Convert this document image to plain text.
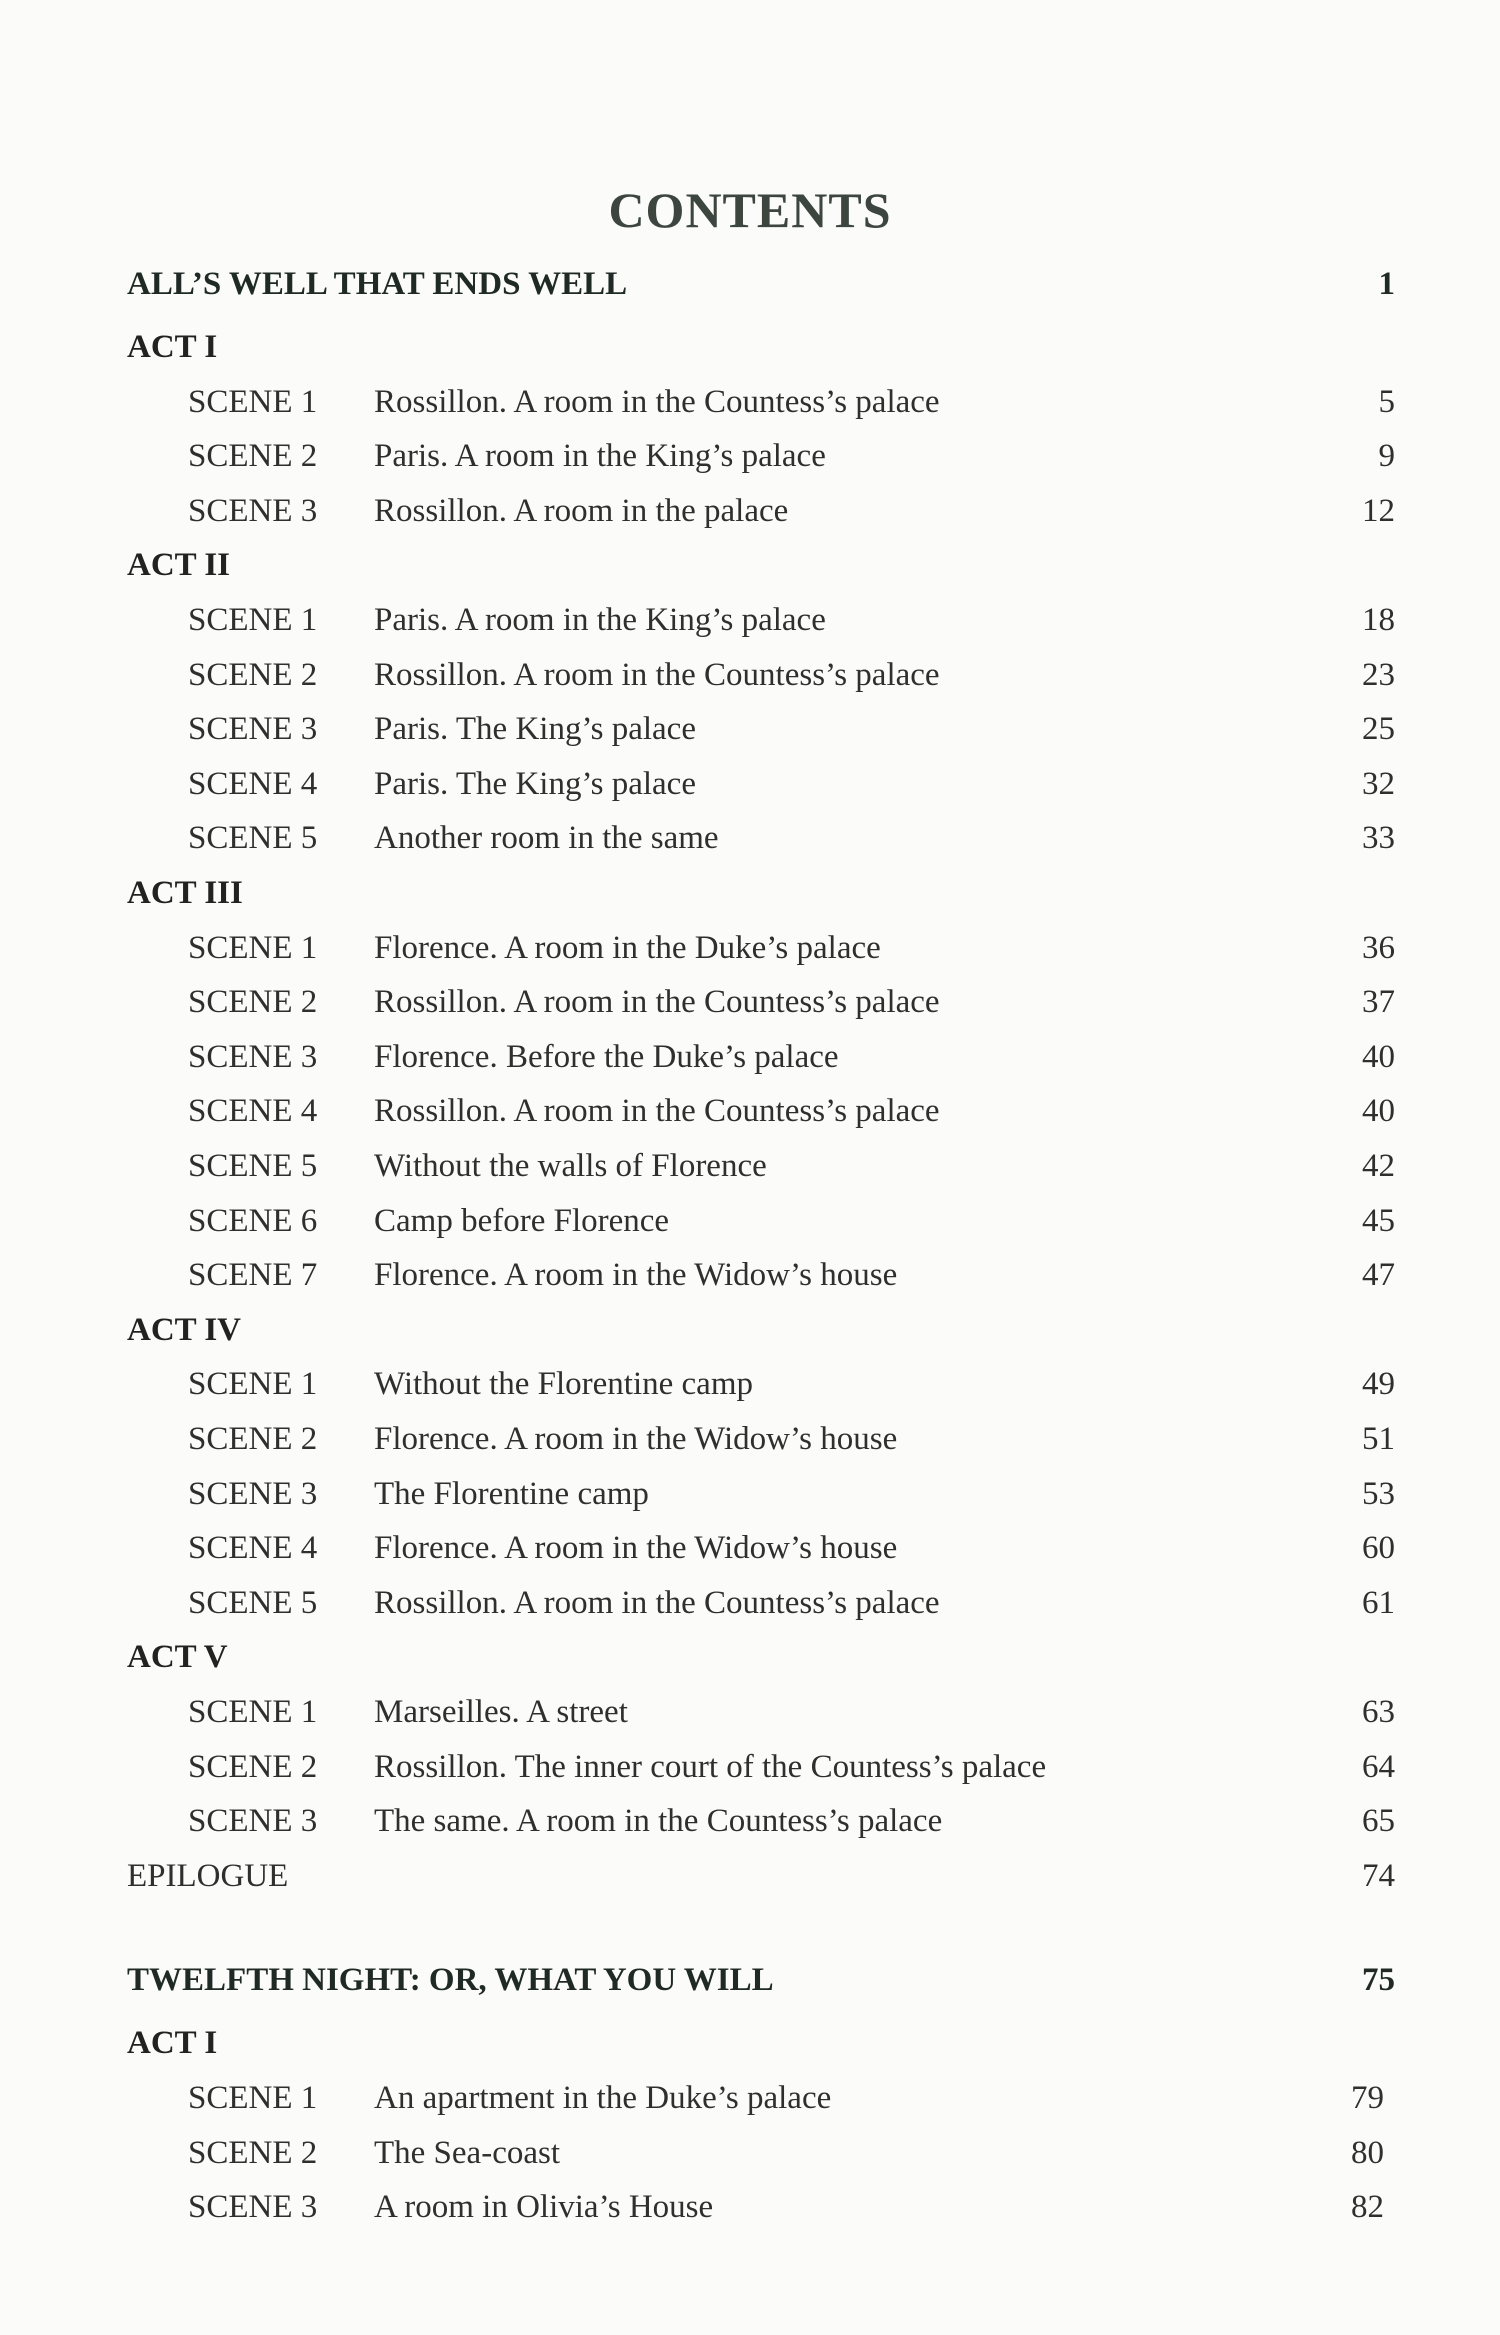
CONTENTS
ALL’S WELL THAT ENDS WELL	1
ACT I
SCENE 1 Rossillon. A room in the Countess’s palace	5
SCENE 2 Paris. A room in the King’s palace	9
SCENE 3 Rossillon. A room in the palace	12
ACT II
SCENE 1 Paris. A room in the King’s palace	18
SCENE 2 Rossillon. A room in the Countess’s palace	23
SCENE 3 Paris. The King’s palace	25
SCENE 4 Paris. The King’s palace	32
SCENE 5 Another room in the same	33
ACT III
SCENE 1 Florence. A room in the Duke’s palace	36
SCENE 2 Rossillon. A room in the Countess’s palace	37
SCENE 3 Florence. Before the Duke’s palace	40
SCENE 4 Rossillon. A room in the Countess’s palace	40
SCENE 5 Without the walls of Florence	42
SCENE 6 Camp before Florence	45
SCENE 7 Florence. A room in the Widow’s house	47
ACT IV
SCENE 1 Without the Florentine camp	49
SCENE 2 Florence. A room in the Widow’s house	51
SCENE 3 The Florentine camp	53
SCENE 4 Florence. A room in the Widow’s house	60
SCENE 5 Rossillon. A room in the Countess’s palace	61
ACT V
SCENE 1 Marseilles. A street	63
SCENE 2 Rossillon. The inner court of the Countess’s palace	64
SCENE 3 The same. A room in the Countess’s palace	65
EPILOGUE	74
TWELFTH NIGHT: OR, WHAT YOU WILL	75
ACT I
SCENE 1 An apartment in the Duke’s palace	79
SCENE 2 The Sea-coast	80
SCENE 3 A room in Olivia’s House	82
